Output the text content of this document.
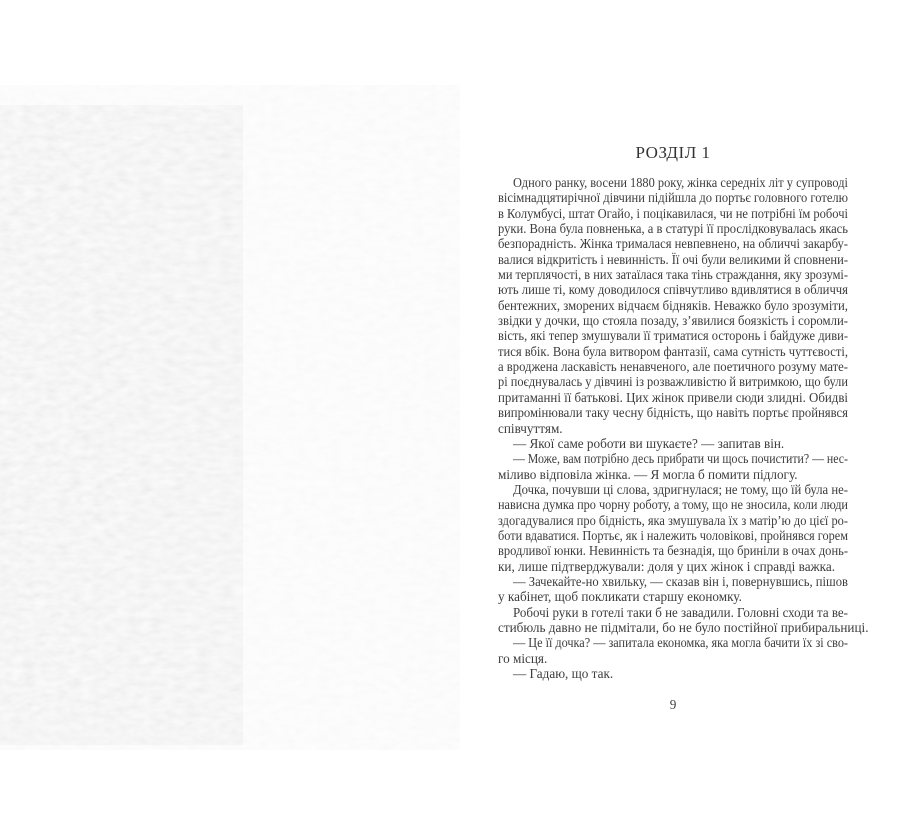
РОЗДІЛ 1
Одного ранку, восени 1880 року, жінка середніх літ у супроводі
вісімнадцятирічної дівчини підійшла до портьє головного готелю
в Колумбусі, штат Огайо, і поцікавилася, чи не потрібні їм робочі
руки. Вона була повненька, а в статурі її прослідковувалась якась
безпорадність. Жінка трималася невпевнено, на обличчі закарбу-
валися відкритість і невинність. Її очі були великими й сповнени-
ми терплячості, в них затаїлася така тінь страждання, яку зрозумі-
ють лише ті, кому доводилося співчутливо вдивлятися в обличчя
бентежних, зморених відчаєм бідняків. Неважко було зрозуміти,
звідки у дочки, що стояла позаду, з’явилися боязкість і соромли-
вість, які тепер змушували її триматися осторонь і байдуже диви-
тися вбік. Вона була витвором фантазії, сама сутність чуттєвості,
а вроджена ласкавість ненавченого, але поетичного розуму мате-
рі поєднувалась у дівчині із розважливістю й витримкою, що були
притаманні її батькові. Цих жінок привели сюди злидні. Обидві
випромінювали таку чесну бідність, що навіть портьє пройнявся
співчуттям.
— Якої саме роботи ви шукаєте? — запитав він.
— Може, вам потрібно десь прибрати чи щось почистити? — нес-
міливо відповіла жінка. — Я могла б помити підлогу.
Дочка, почувши ці слова, здригнулася; не тому, що їй була не-
нависна думка про чорну роботу, а тому, що не зносила, коли люди
здогадувалися про бідність, яка змушувала їх з матір’ю до цієї ро-
боти вдаватися. Портьє, як і належить чоловікові, пройнявся горем
вродливої юнки. Невинність та безнадія, що бриніли в очах донь-
ки, лише підтверджували: доля у цих жінок і справді важка.
— Зачекайте-но хвильку, — сказав він і, повернувшись, пішов
у кабінет, щоб покликати старшу економку.
Робочі руки в готелі таки б не завадили. Головні сходи та ве-
стибюль давно не підмітали, бо не було постійної прибиральниці.
— Це її дочка? — запитала економка, яка могла бачити їх зі сво-
го місця.
— Гадаю, що так.
9
